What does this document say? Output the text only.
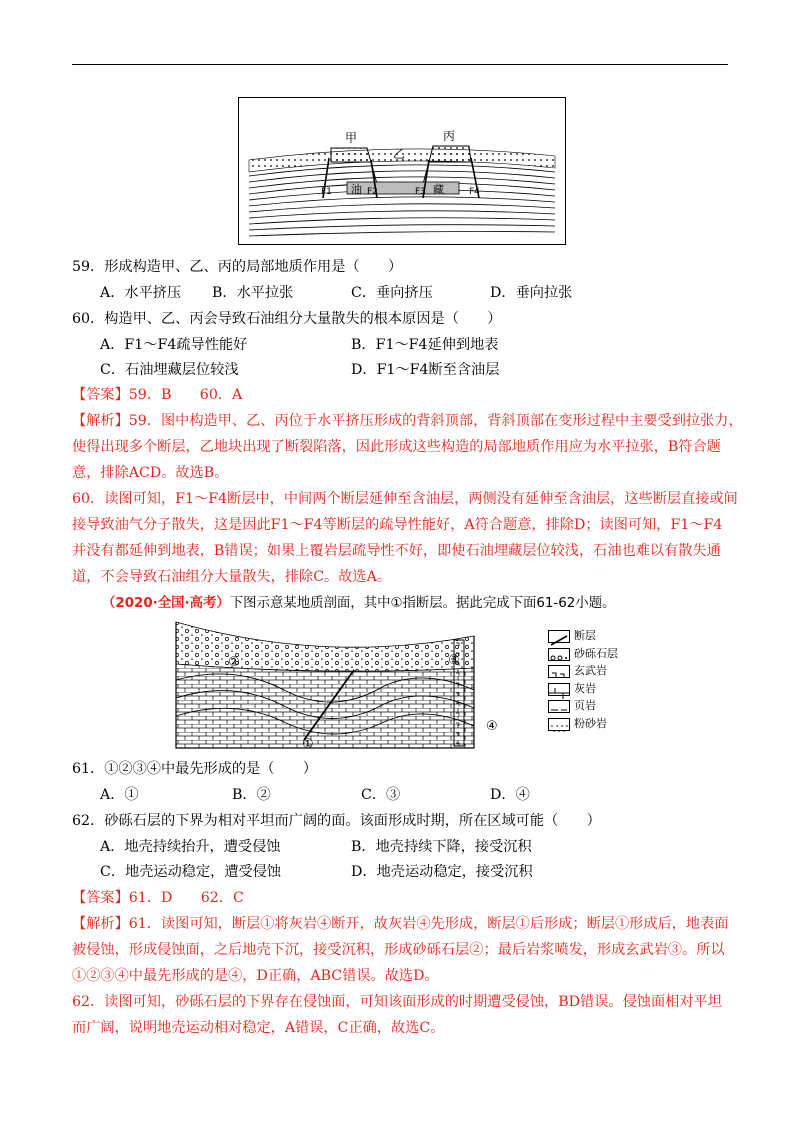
甲
乙
丙
F1	F2	F3	F4
油	藏
59．形成构造甲、乙、丙的局部地质作用是（　　）
A．水平挤压 B．水平拉张	C．垂向挤压	D．垂向拉张
60．构造甲、乙、丙会导致石油组分大量散失的根本原因是（　　）
A．F1～F4疏导性能好	B．F1～F4延伸到地表
C．石油埋藏层位较浅	D．F1～F4断至含油层
【答案】59．B　　60．A
【解析】59．图中构造甲、乙、丙位于水平挤压形成的背斜顶部，背斜顶部在变形过程中主要受到拉张力，
使得出现多个断层，乙地块出现了断裂陷落，因此形成这些构造的局部地质作用应为水平拉张，B符合题
意，排除ACD。故选B。
60．读图可知，F1～F4断层中，中间两个断层延伸至含油层，两侧没有延伸至含油层，这些断层直接或间
接导致油气分子散失，这是因此F1～F4等断层的疏导性能好，A符合题意，排除D；读图可知，F1～F4
并没有都延伸到地表，B错误；如果上覆岩层疏导性不好，即使石油埋藏层位较浅，石油也难以有散失通
道，不会导致石油组分大量散失，排除C。故选A。
（2020·全国·高考）下图示意某地质剖面，其中①指断层。据此完成下面61-62小题。
①
②	③
④
断层
砂砾石层
玄武岩
灰岩
页岩
粉砂岩
61．①②③④中最先形成的是（　　）
A．①	B．②	C．③	D．④
62．砂砾石层的下界为相对平坦而广阔的面。该面形成时期，所在区域可能（　　）
A．地壳持续抬升，遭受侵蚀	B．地壳持续下降，接受沉积
C．地壳运动稳定，遭受侵蚀	D．地壳运动稳定，接受沉积
【答案】61．D　　62．C
【解析】61．读图可知，断层①将灰岩④断开，故灰岩④先形成，断层①后形成；断层①形成后，地表面
被侵蚀，形成侵蚀面，之后地壳下沉，接受沉积，形成砂砾石层②；最后岩浆喷发，形成玄武岩③。所以
①②③④中最先形成的是④，D正确，ABC错误。故选D。
62．读图可知，砂砾石层的下界存在侵蚀面，可知该面形成的时期遭受侵蚀，BD错误。侵蚀面相对平坦
而广阔，说明地壳运动相对稳定，A错误，C正确，故选C。
